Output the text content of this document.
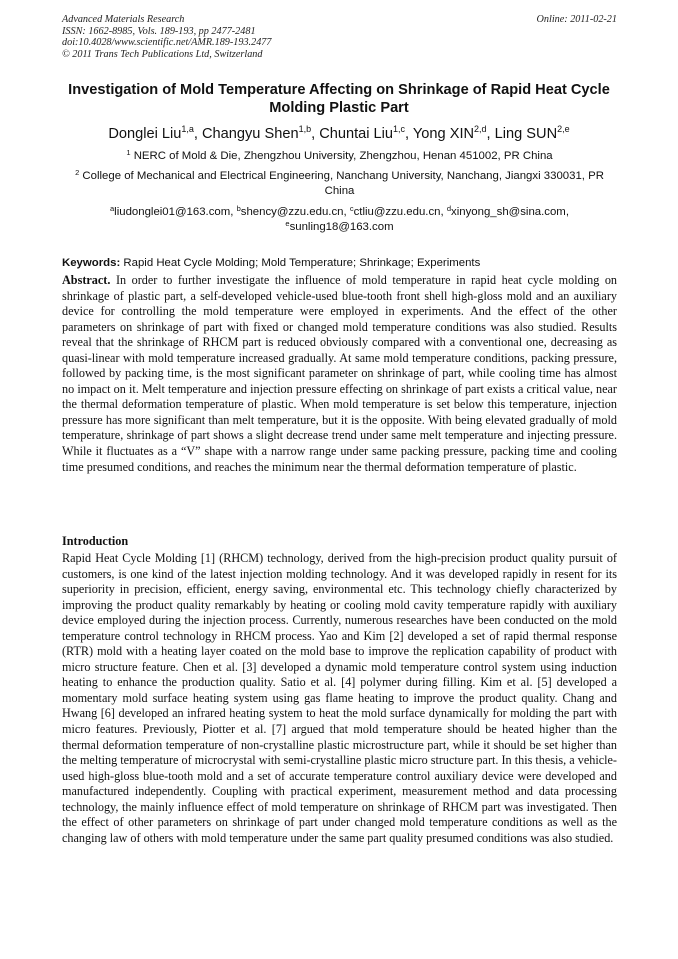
Advanced Materials Research
ISSN: 1662-8985, Vols. 189-193, pp 2477-2481
doi:10.4028/www.scientific.net/AMR.189-193.2477
© 2011 Trans Tech Publications Ltd, Switzerland
Online: 2011-02-21
Investigation of Mold Temperature Affecting on Shrinkage of Rapid Heat Cycle Molding Plastic Part
Donglei Liu$^{1,a}$, Changyu Shen$^{1,b}$, Chuntai Liu$^{1,c}$, Yong XIN$^{2,d}$, Ling SUN$^{2,e}$
$^1$ NERC of Mold & Die, Zhengzhou University, Zhengzhou, Henan 451002, PR China
$^2$ College of Mechanical and Electrical Engineering, Nanchang University, Nanchang, Jiangxi 330031, PR China
$^a$liudonglei01@163.com, $^b$shency@zzu.edu.cn, $^c$ctliu@zzu.edu.cn, $^d$xinyong_sh@sina.com,
$^e$sunling18@163.com
Keywords: Rapid Heat Cycle Molding; Mold Temperature; Shrinkage; Experiments
Abstract. In order to further investigate the influence of mold temperature in rapid heat cycle molding on shrinkage of plastic part, a self-developed vehicle-used blue-tooth front shell high-gloss mold and an auxiliary device for controlling the mold temperature were employed in experiments. And the effect of the other parameters on shrinkage of part with fixed or changed mold temperature conditions was also studied. Results reveal that the shrinkage of RHCM part is reduced obviously compared with a conventional one, decreasing as quasi-linear with mold temperature increased gradually. At same mold temperature conditions, packing pressure, followed by packing time, is the most significant parameter on shrinkage of part, while cooling time has almost no impact on it. Melt temperature and injection pressure effecting on shrinkage of part exists a critical value, near the thermal deformation temperature of plastic. When mold temperature is set below this temperature, injection pressure has more significant than melt temperature, but it is the opposite. With being elevated gradually of mold temperature, shrinkage of part shows a slight decrease trend under same melt temperature and injecting pressure. While it fluctuates as a “V” shape with a narrow range under same packing pressure, packing time and cooling time presumed conditions, and reaches the minimum near the thermal deformation temperature of plastic.
Introduction
Rapid Heat Cycle Molding [1] (RHCM) technology, derived from the high-precision product quality pursuit of customers, is one kind of the latest injection molding technology. And it was developed rapidly in resent for its superiority in precision, efficient, energy saving, environmental etc. This technology chiefly characterized by improving the product quality remarkably by heating or cooling mold cavity temperature rapidly with auxiliary device employed during the injection process. Currently, numerous researches have been conducted on the mold temperature control technology in RHCM process. Yao and Kim [2] developed a set of rapid thermal response (RTR) mold with a heating layer coated on the mold base to improve the replication capability of product with micro structure feature. Chen et al. [3] developed a dynamic mold temperature control system using induction heating to enhance the production quality. Satio et al. [4] polymer during filling. Kim et al. [5] developed a momentary mold surface heating system using gas flame heating to improve the product quality. Chang and Hwang [6] developed an infrared heating system to heat the mold surface dynamically for molding the part with micro features. Previously, Piotter et al. [7] argued that mold temperature should be heated higher than the thermal deformation temperature of non-crystalline plastic microstructure part, while it should be set higher than the melting temperature of microcrystal with semi-crystalline plastic micro structure part. In this thesis, a vehicle-used high-gloss blue-tooth mold and a set of accurate temperature control auxiliary device were developed and manufactured independently. Coupling with practical experiment, measurement method and data processing technology, the mainly influence effect of mold temperature on shrinkage of RHCM part was investigated. Then the effect of other parameters on shrinkage of part under changed mold temperature conditions as well as the changing law of others with mold temperature under the same part quality presumed conditions was also studied.
